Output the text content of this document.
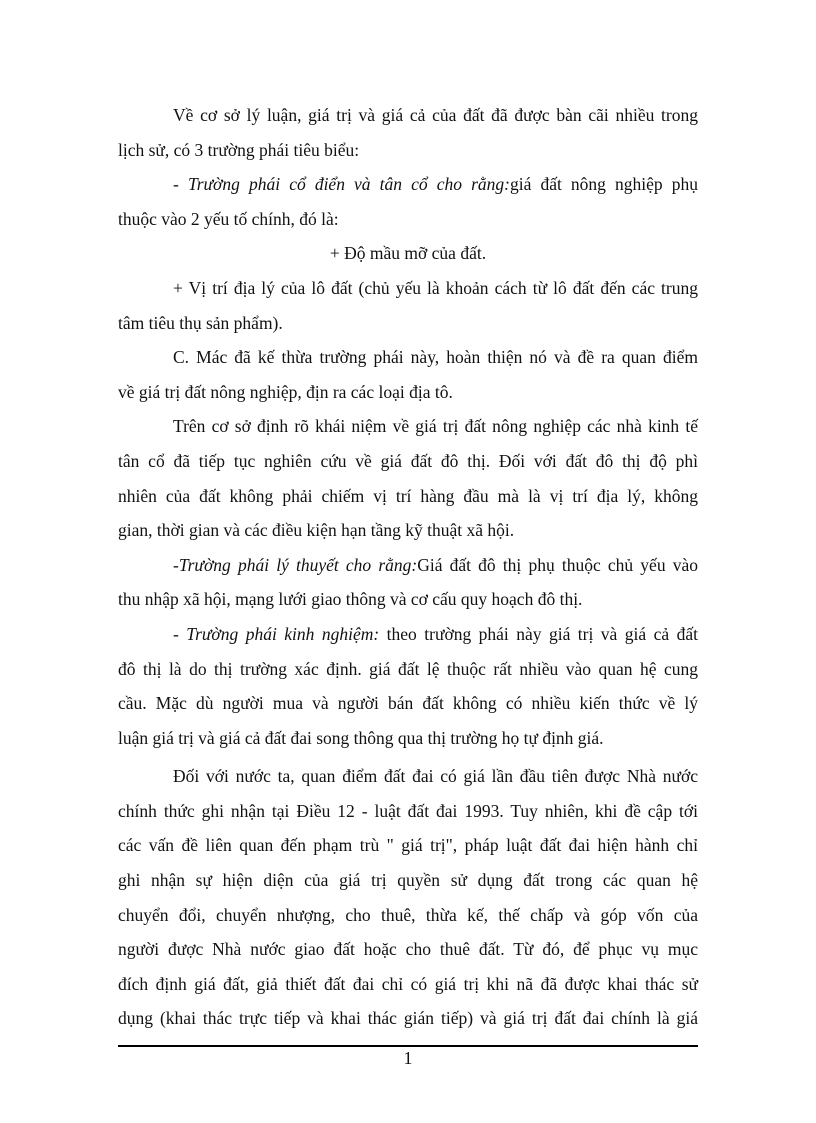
Về cơ sở lý luận, giá trị và giá cả của đất đã được bàn cãi nhiều trong
lịch sử, có 3 trường phái tiêu biểu:
- Trường phái cổ điển và tân cổ cho rằng:giá đất nông nghiệp phụ
thuộc vào 2 yếu tố chính, đó là:
+ Độ mầu mỡ của đất.
+ Vị trí địa lý của lô đất (chủ yếu là khoản cách từ lô đất đến các trung
tâm tiêu thụ sản phẩm).
C. Mác đã kế thừa trường phái này, hoàn thiện nó và đề ra quan điểm
về giá trị đất nông nghiệp, địn ra các loại địa tô.
Trên cơ sở định rõ khái niệm về giá trị đất nông nghiệp các nhà kinh tế
tân cổ đã tiếp tục nghiên cứu về giá đất đô thị. Đối với đất đô thị độ phì
nhiên của đất không phải chiếm vị trí hàng đầu mà là vị trí địa lý, không
gian, thời gian và các điều kiện hạn tầng kỹ thuật xã hội.
-Trường phái lý thuyết cho rằng:Giá đất đô thị phụ thuộc chủ yếu vào
thu nhập xã hội, mạng lưới giao thông và cơ cấu quy hoạch đô thị.
- Trường phái kinh nghiệm: theo trường phái này giá trị và giá cả đất
đô thị là do thị trường xác định. giá đất lệ thuộc rất nhiều vào quan hệ cung
cầu. Mặc dù người mua và người bán đất không có nhiều kiến thức về lý
luận giá trị và giá cả đất đai song thông qua thị trường họ tự định giá.
Đối với nước ta, quan điểm đất đai có giá lần đầu tiên được Nhà nước
chính thức ghi nhận tại Điều 12 - luật đất đai 1993. Tuy nhiên, khi đề cập tới
các vấn đề liên quan đến phạm trù " giá trị", pháp luật đất đai hiện hành chỉ
ghi nhận sự hiện diện của giá trị quyền sử dụng đất trong các quan hệ
chuyển đổi, chuyển nhượng, cho thuê, thừa kế, thế chấp và góp vốn của
người được Nhà nước giao đất hoặc cho thuê đất. Từ đó, để phục vụ mục
đích định giá đất, giả thiết đất đai chỉ có giá trị khi nã đã được khai thác sử
dụng (khai thác trực tiếp và khai thác gián tiếp) và giá trị đất đai chính là giá
1
